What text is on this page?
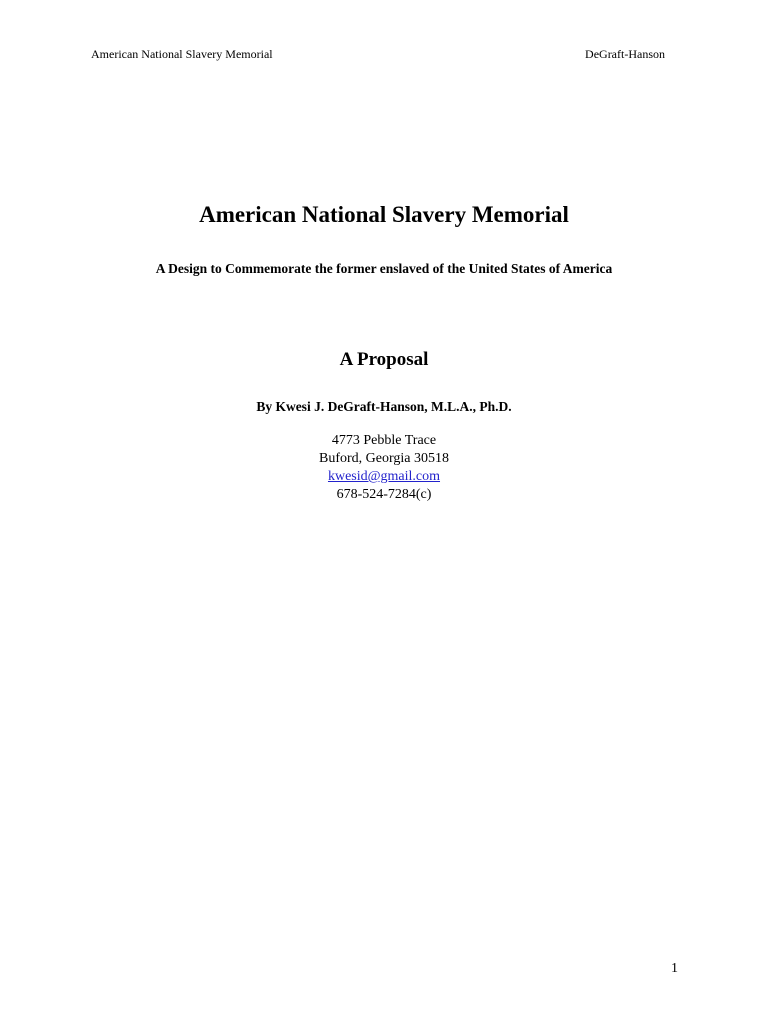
American National Slavery Memorial	DeGraft-Hanson
American National Slavery Memorial

A Design to Commemorate the former enslaved of the United States of America

A Proposal

By Kwesi J. DeGraft-Hanson, M.L.A., Ph.D.

4773 Pebble Trace
Buford, Georgia 30518
kwesid@gmail.com
678-524-7284(c)
1
